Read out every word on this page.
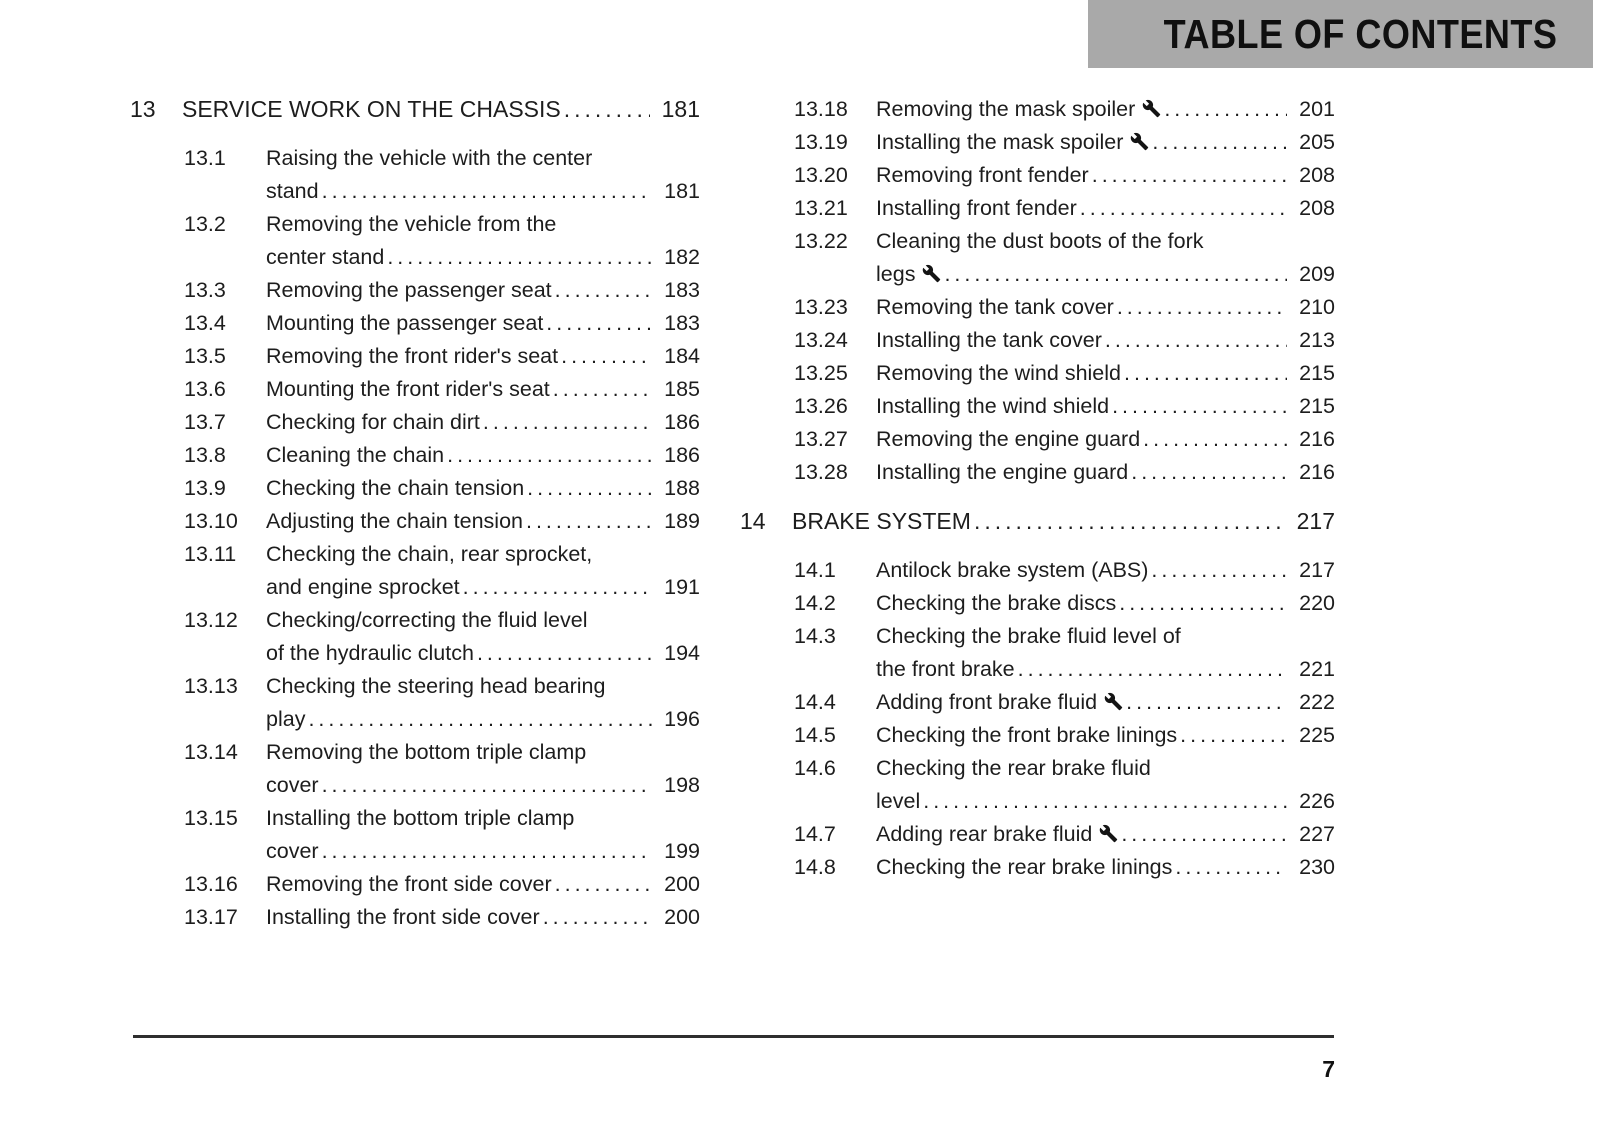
TABLE OF CONTENTS
13	SERVICE WORK ON THE CHASSIS .....	181
13.1	Raising the vehicle with the center
stand .....	181
13.2	Removing the vehicle from the
center stand .....	182
13.3	Removing the passenger seat .....	183
13.4	Mounting the passenger seat .....	183
13.5	Removing the front rider's seat .....	184
13.6	Mounting the front rider's seat .....	185
13.7	Checking for chain dirt .....	186
13.8	Cleaning the chain .....	186
13.9	Checking the chain tension .....	188
13.10	Adjusting the chain tension .....	189
13.11	Checking the chain, rear sprocket,
and engine sprocket .....	191
13.12	Checking/correcting the fluid level
of the hydraulic clutch .....	194
13.13	Checking the steering head bearing
play .....	196
13.14	Removing the bottom triple clamp
cover .....	198
13.15	Installing the bottom triple clamp
cover .....	199
13.16	Removing the front side cover .....	200
13.17	Installing the front side cover .....	200
13.18	Removing the mask spoiler .....	201
13.19	Installing the mask spoiler .....	205
13.20	Removing front fender .....	208
13.21	Installing front fender .....	208
13.22	Cleaning the dust boots of the fork
legs .....	209
13.23	Removing the tank cover .....	210
13.24	Installing the tank cover .....	213
13.25	Removing the wind shield .....	215
13.26	Installing the wind shield .....	215
13.27	Removing the engine guard .....	216
13.28	Installing the engine guard .....	216
14	BRAKE SYSTEM .....	217
14.1	Antilock brake system (ABS) .....	217
14.2	Checking the brake discs .....	220
14.3	Checking the brake fluid level of
the front brake .....	221
14.4	Adding front brake fluid .....	222
14.5	Checking the front brake linings .....	225
14.6	Checking the rear brake fluid
level .....	226
14.7	Adding rear brake fluid .....	227
14.8	Checking the rear brake linings .....	230
7
